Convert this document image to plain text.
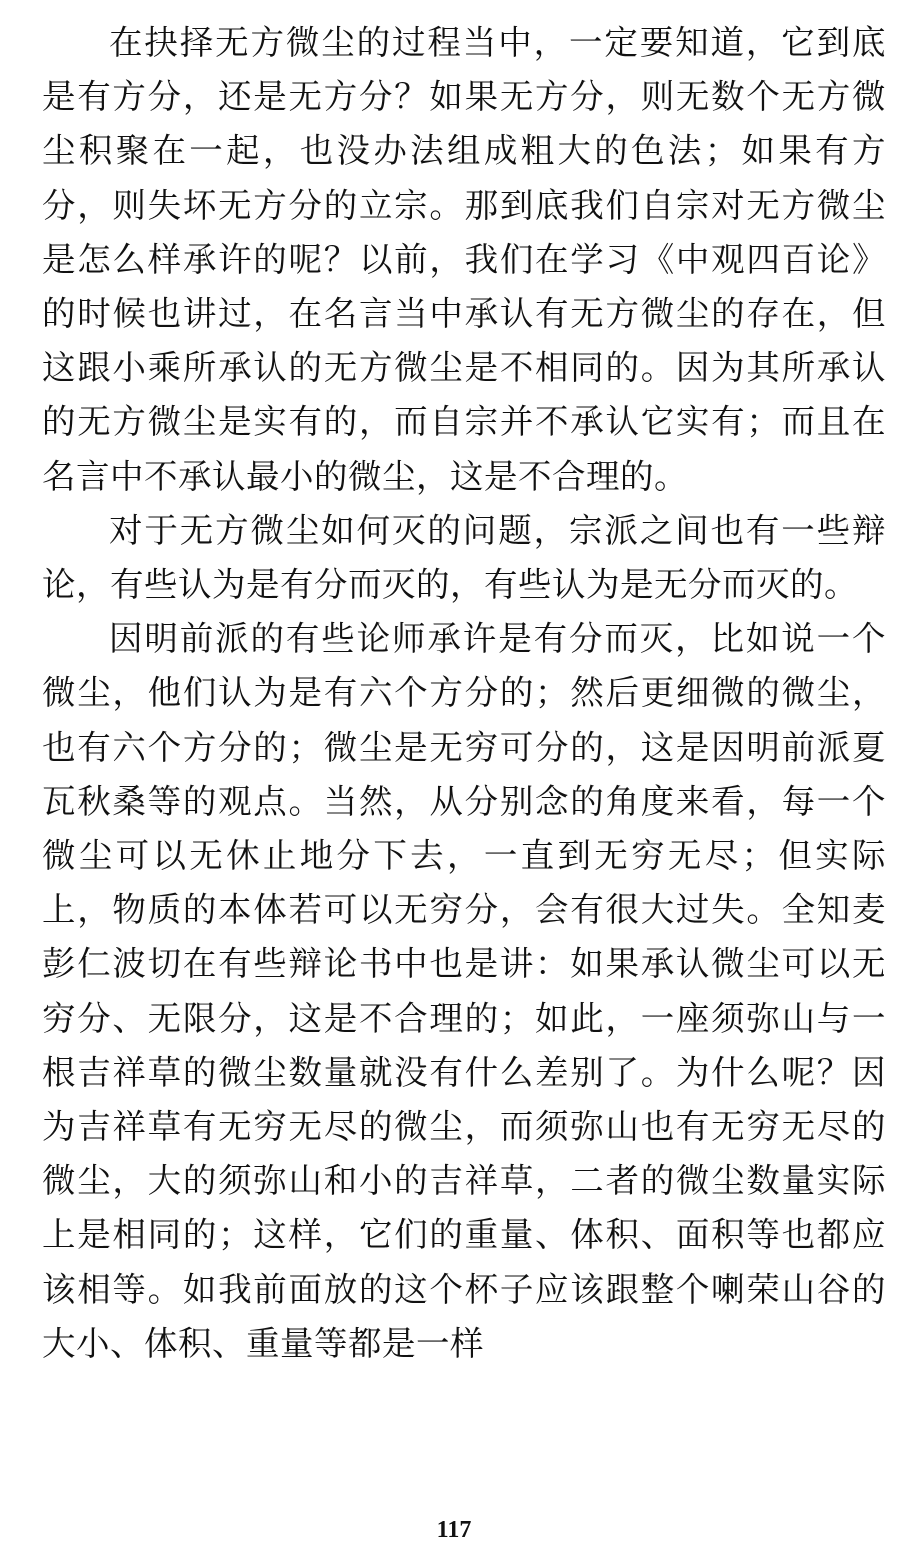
在抉择无方微尘的过程当中，一定要知道，它到底是有方分，还是无方分？如果无方分，则无数个无方微尘积聚在一起，也没办法组成粗大的色法；如果有方分，则失坏无方分的立宗。那到底我们自宗对无方微尘是怎么样承许的呢？以前，我们在学习《中观四百论》的时候也讲过，在名言当中承认有无方微尘的存在，但这跟小乘所承认的无方微尘是不相同的。因为其所承认的无方微尘是实有的，而自宗并不承认它实有；而且在名言中不承认最小的微尘，这是不合理的。

对于无方微尘如何灭的问题，宗派之间也有一些辩论，有些认为是有分而灭的，有些认为是无分而灭的。

因明前派的有些论师承许是有分而灭，比如说一个微尘，他们认为是有六个方分的；然后更细微的微尘，也有六个方分的；微尘是无穷可分的，这是因明前派夏瓦秋桑等的观点。当然，从分别念的角度来看，每一个微尘可以无休止地分下去，一直到无穷无尽；但实际上，物质的本体若可以无穷分，会有很大过失。全知麦彭仁波切在有些辩论书中也是讲：如果承认微尘可以无穷分、无限分，这是不合理的；如此，一座须弥山与一根吉祥草的微尘数量就没有什么差别了。为什么呢？因为吉祥草有无穷无尽的微尘，而须弥山也有无穷无尽的微尘，大的须弥山和小的吉祥草，二者的微尘数量实际上是相同的；这样，它们的重量、体积、面积等也都应该相等。如我前面放的这个杯子应该跟整个喇荣山谷的大小、体积、重量等都是一样

117
